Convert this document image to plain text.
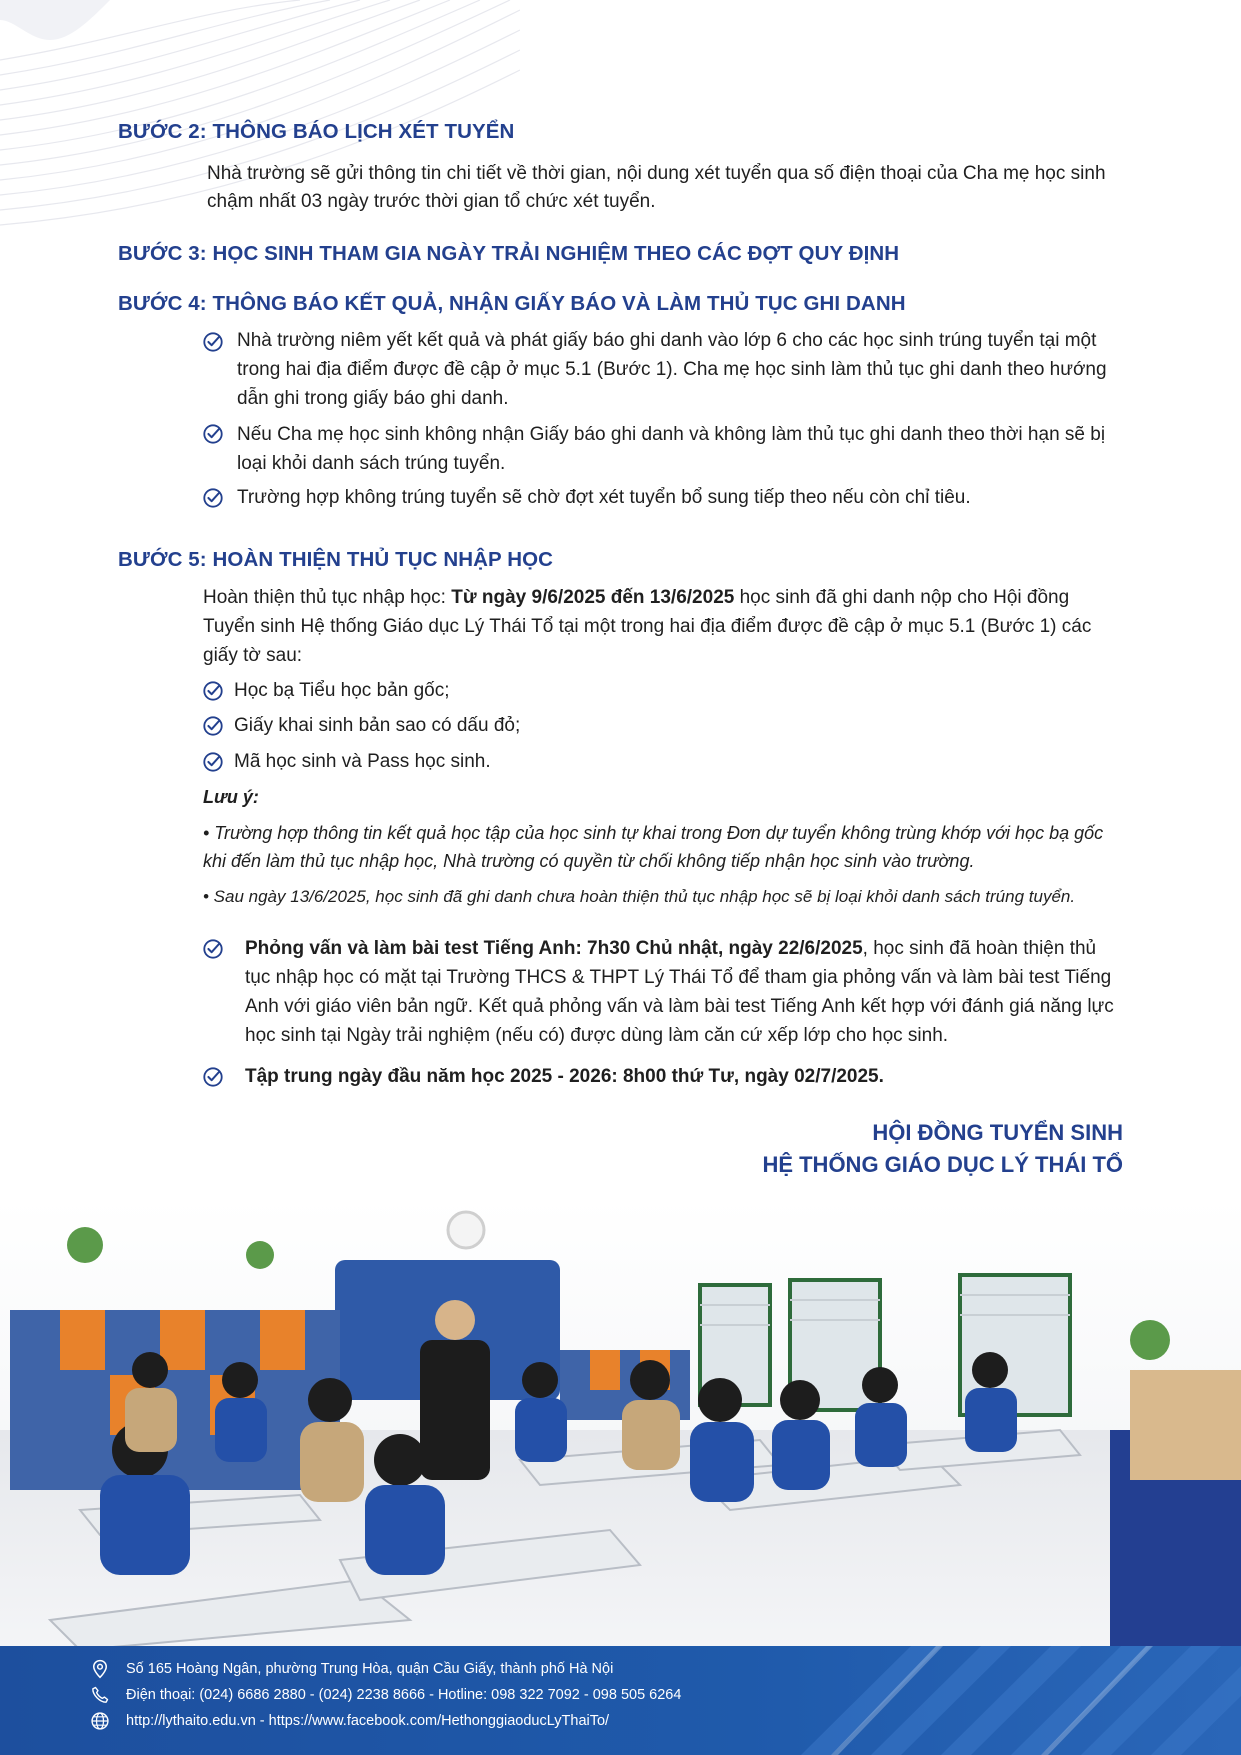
BƯỚC 2: THÔNG BÁO LỊCH XÉT TUYỂN

Nhà trường sẽ gửi thông tin chi tiết về thời gian, nội dung xét tuyển qua số điện thoại của Cha mẹ học sinh chậm nhất 03 ngày trước thời gian tổ chức xét tuyển.

BƯỚC 3: HỌC SINH THAM GIA NGÀY TRẢI NGHIỆM THEO CÁC ĐỢT QUY ĐỊNH
BƯỚC 4: THÔNG BÁO KẾT QUẢ, NHẬN GIẤY BÁO VÀ LÀM THỦ TỤC GHI DANH

Nhà trường niêm yết kết quả và phát giấy báo ghi danh vào lớp 6 cho các học sinh trúng tuyển tại một trong hai địa điểm được đề cập ở mục 5.1 (Bước 1). Cha mẹ học sinh làm thủ tục ghi danh theo hướng dẫn ghi trong giấy báo ghi danh.

Nếu Cha mẹ học sinh không nhận Giấy báo ghi danh và không làm thủ tục ghi danh theo thời hạn sẽ bị loại khỏi danh sách trúng tuyển.

Trường hợp không trúng tuyển sẽ chờ đợt xét tuyển bổ sung tiếp theo nếu còn chỉ tiêu.

BƯỚC 5: HOÀN THIỆN THỦ TỤC NHẬP HỌC

Hoàn thiện thủ tục nhập học: Từ ngày 9/6/2025 đến 13/6/2025 học sinh đã ghi danh nộp cho Hội đồng Tuyển sinh Hệ thống Giáo dục Lý Thái Tổ tại một trong hai địa điểm được đề cập ở mục 5.1 (Bước 1) các giấy tờ sau:

Học bạ Tiểu học bản gốc;

Giấy khai sinh bản sao có dấu đỏ;

Mã học sinh và Pass học sinh.

Lưu ý:

• Trường hợp thông tin kết quả học tập của học sinh tự khai trong Đơn dự tuyển không trùng khớp với học bạ gốc khi đến làm thủ tục nhập học, Nhà trường có quyền từ chối không tiếp nhận học sinh vào trường.

• Sau ngày 13/6/2025, học sinh đã ghi danh chưa hoàn thiện thủ tục nhập học sẽ bị loại khỏi danh sách trúng tuyển.

Phỏng vấn và làm bài test Tiếng Anh: 7h30 Chủ nhật, ngày 22/6/2025, học sinh đã hoàn thiện thủ tục nhập học có mặt tại Trường THCS & THPT Lý Thái Tổ để tham gia phỏng vấn và làm bài test Tiếng Anh với giáo viên bản ngữ. Kết quả phỏng vấn và làm bài test Tiếng Anh kết hợp với đánh giá năng lực học sinh tại Ngày trải nghiệm (nếu có) được dùng làm căn cứ xếp lớp cho học sinh.

Tập trung ngày đầu năm học 2025 - 2026: 8h00 thứ Tư, ngày 02/7/2025.

HỘI ĐỒNG TUYỂN SINH
HỆ THỐNG GIÁO DỤC LÝ THÁI TỔ
Số 165 Hoàng Ngân, phường Trung Hòa, quận Cầu Giấy, thành phố Hà Nội
Điện thoại: (024) 6686 2880 - (024) 2238 8666 - Hotline: 098 322 7092 - 098 505 6264
http://lythaito.edu.vn - https://www.facebook.com/HethonggiaoducLyThaiTo/
